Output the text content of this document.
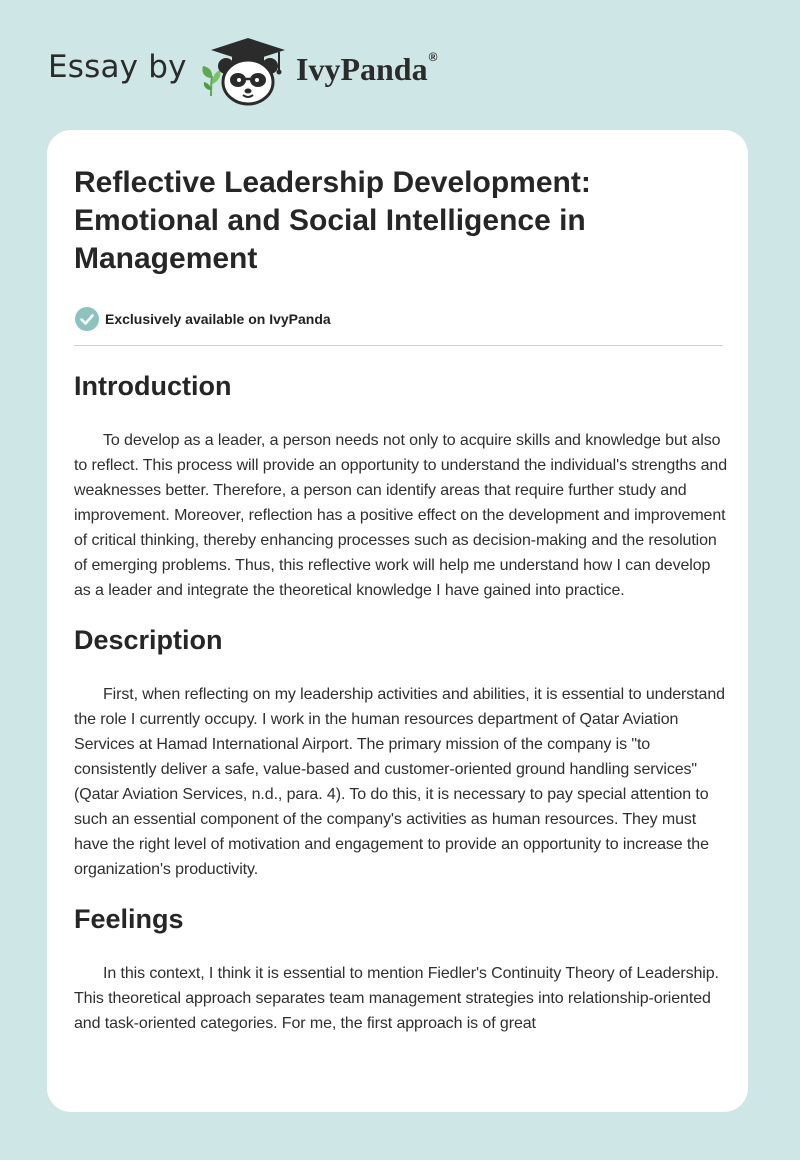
Essay by	IvyPanda®
Reflective Leadership Development: Emotional and Social Intelligence in Management
Exclusively available on IvyPanda
Introduction

To develop as a leader, a person needs not only to acquire skills and knowledge but also to reflect. This process will provide an opportunity to understand the individual's strengths and weaknesses better. Therefore, a person can identify areas that require further study and improvement. Moreover, reflection has a positive effect on the development and improvement of critical thinking, thereby enhancing processes such as decision-making and the resolution of emerging problems. Thus, this reflective work will help me understand how I can develop as a leader and integrate the theoretical knowledge I have gained into practice.

Description

First, when reflecting on my leadership activities and abilities, it is essential to understand the role I currently occupy. I work in the human resources department of Qatar Aviation Services at Hamad International Airport. The primary mission of the company is "to consistently deliver a safe, value-based and customer-oriented ground handling services" (Qatar Aviation Services, n.d., para. 4). To do this, it is necessary to pay special attention to such an essential component of the company's activities as human resources. They must have the right level of motivation and engagement to provide an opportunity to increase the organization's productivity.

Feelings

In this context, I think it is essential to mention Fiedler's Continuity Theory of Leadership. This theoretical approach separates team management strategies into relationship-oriented and task-oriented categories. For me, the first approach is of great
